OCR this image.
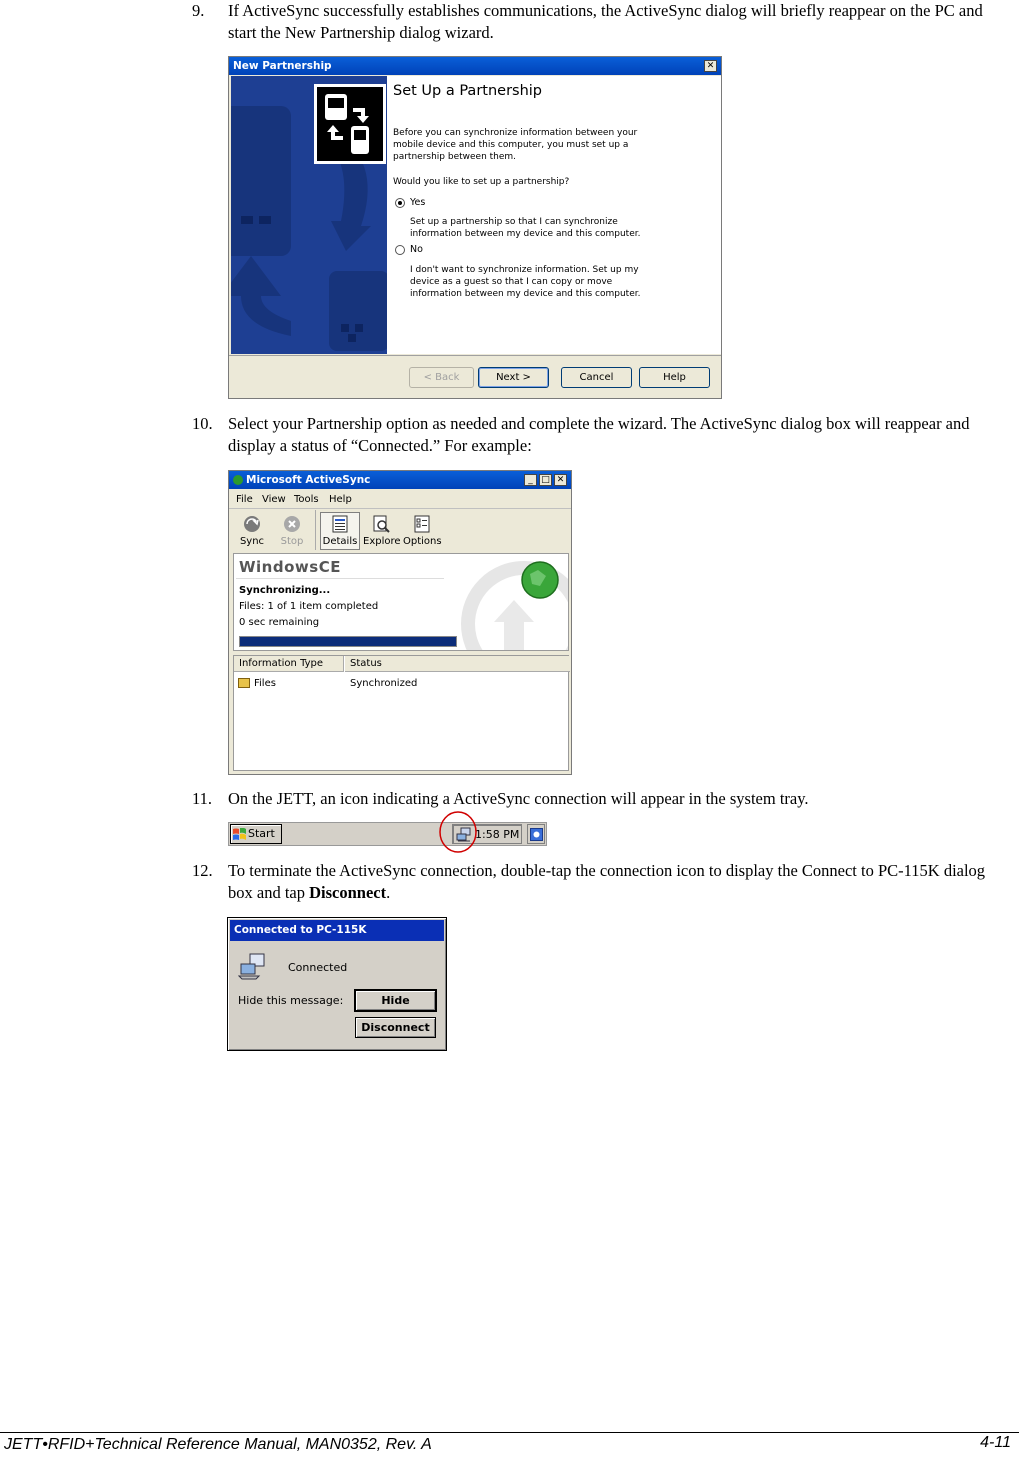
9. If ActiveSync successfully establishes communications, the ActiveSync dialog will briefly reappear on the PC and start the New Partnership dialog wizard.
New Partnership	✕
Set Up a Partnership
Before you can synchronize information between your mobile device and this computer, you must set up a partnership between them.
Would you like to set up a partnership?
Yes
Set up a partnership so that I can synchronize information between my device and this computer.
No
I don't want to synchronize information. Set up my device as a guest so that I can copy or move information between my device and this computer.
< Back	Next >	Cancel	Help
10. Select your Partnership option as needed and complete the wizard. The ActiveSync dialog box will reappear and display a status of “Connected.” For example:
Microsoft ActiveSync	_ □ ✕
File View Tools Help
Sync	Stop	Details Explore Options
WindowsCE
Synchronizing...
Files: 1 of 1 item completed
0 sec remaining
Information Type	Status
Files	Synchronized
11. On the JETT, an icon indicating a ActiveSync connection will appear in the system tray.
Start	1:58 PM
12. To terminate the ActiveSync connection, double-tap the connection icon to display the Connect to PC-115K dialog box and tap Disconnect.
Connected to PC-115K
Connected
Hide this message:	Hide
Disconnect
JETT•RFID+Technical Reference Manual, MAN0352, Rev. A	4-11
